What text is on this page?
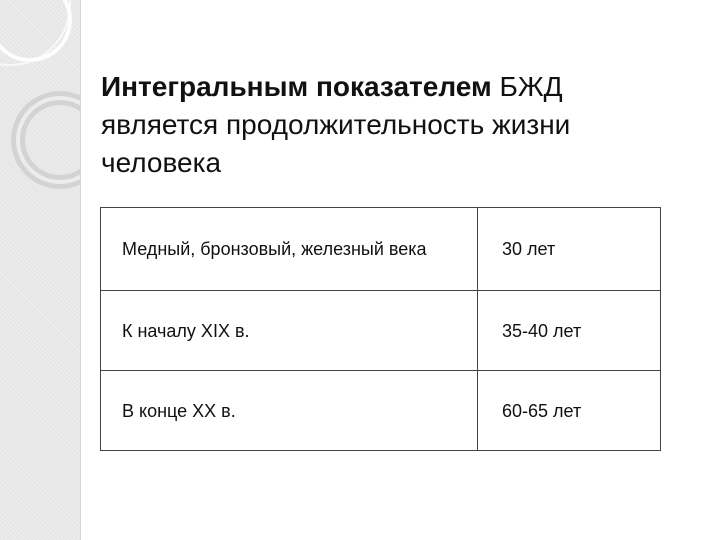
Интегральным показателем БЖД является продолжительность жизни человека
Медный, бронзовый, железный века	30 лет
К началу XIX в.	35-40 лет
В конце XX в.	60-65 лет
